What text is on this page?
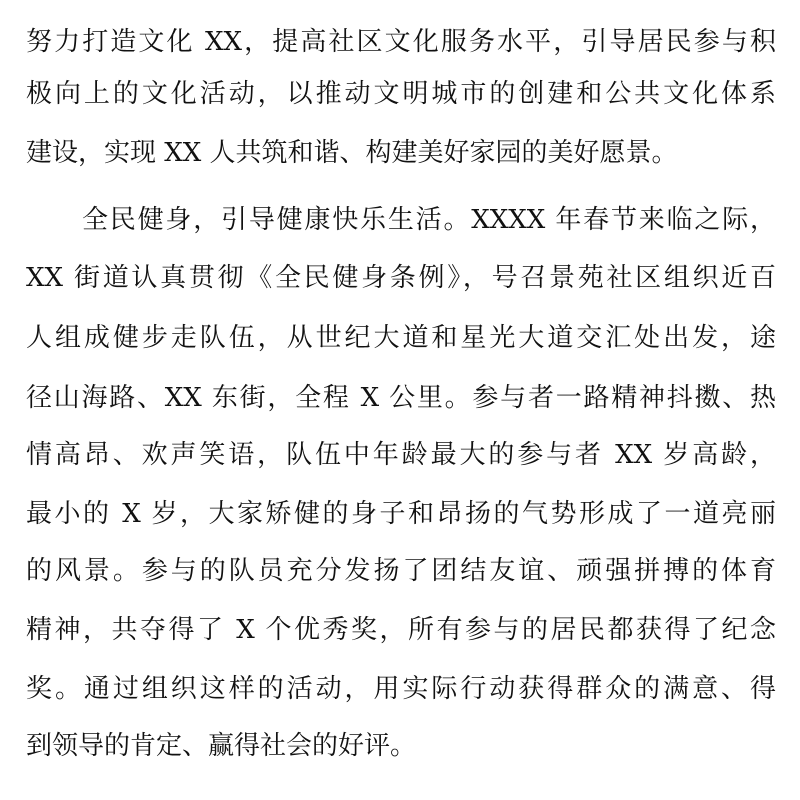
努力打造文化 XX，提高社区文化服务水平，引导居民参与积
极向上的文化活动，以推动文明城市的创建和公共文化体系
建设，实现 XX 人共筑和谐、构建美好家园的美好愿景。
全民健身，引导健康快乐生活。XXXX 年春节来临之际，
XX 街道认真贯彻《全民健身条例》，号召景苑社区组织近百
人组成健步走队伍，从世纪大道和星光大道交汇处出发，途
径山海路、XX 东街，全程 X 公里。参与者一路精神抖擞、热
情高昂、欢声笑语，队伍中年龄最大的参与者 XX 岁高龄，
最小的 X 岁，大家矫健的身子和昂扬的气势形成了一道亮丽
的风景。参与的队员充分发扬了团结友谊、顽强拼搏的体育
精神，共夺得了 X 个优秀奖，所有参与的居民都获得了纪念
奖。通过组织这样的活动，用实际行动获得群众的满意、得
到领导的肯定、赢得社会的好评。
